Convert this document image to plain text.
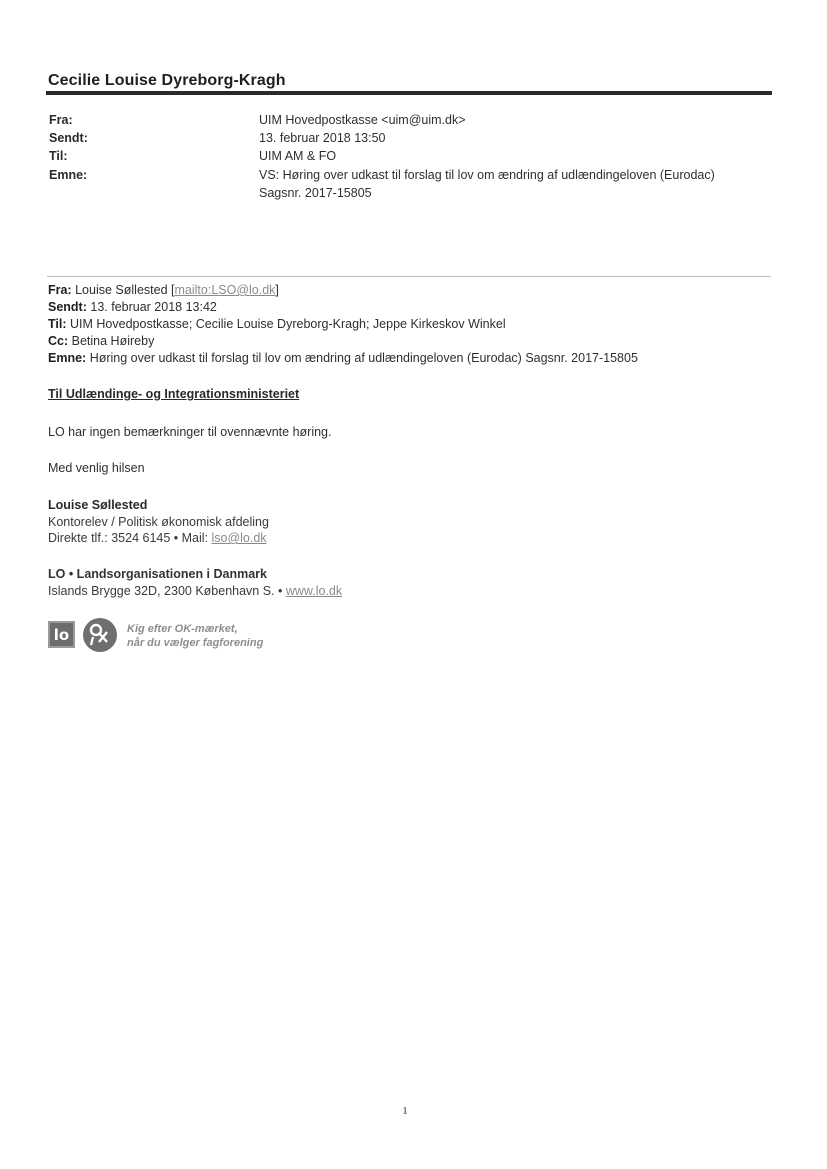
Cecilie Louise Dyreborg-Kragh
Fra:
Sendt:
Til:
Emne:
UIM Hovedpostkasse <uim@uim.dk>
13. februar 2018 13:50
UIM AM & FO
VS: Høring over udkast til forslag til lov om ændring af udlændingeloven (Eurodac)
Sagsnr. 2017-15805
Fra: Louise Søllested [mailto:LSO@lo.dk]
Sendt: 13. februar 2018 13:42
Til: UIM Hovedpostkasse; Cecilie Louise Dyreborg-Kragh; Jeppe Kirkeskov Winkel
Cc: Betina Høireby
Emne: Høring over udkast til forslag til lov om ændring af udlændingeloven (Eurodac) Sagsnr. 2017-15805
Til Udlændinge- og Integrationsministeriet
LO har ingen bemærkninger til ovennævnte høring.
Med venlig hilsen
Louise Søllested
Kontorelev / Politisk økonomisk afdeling
Direkte tlf.: 3524 6145 • Mail: lso@lo.dk
LO • Landsorganisationen i Danmark
Islands Brygge 32D, 2300 København S. • www.lo.dk
lo	Kig efter OK-mærket,
når du vælger fagforening
1
